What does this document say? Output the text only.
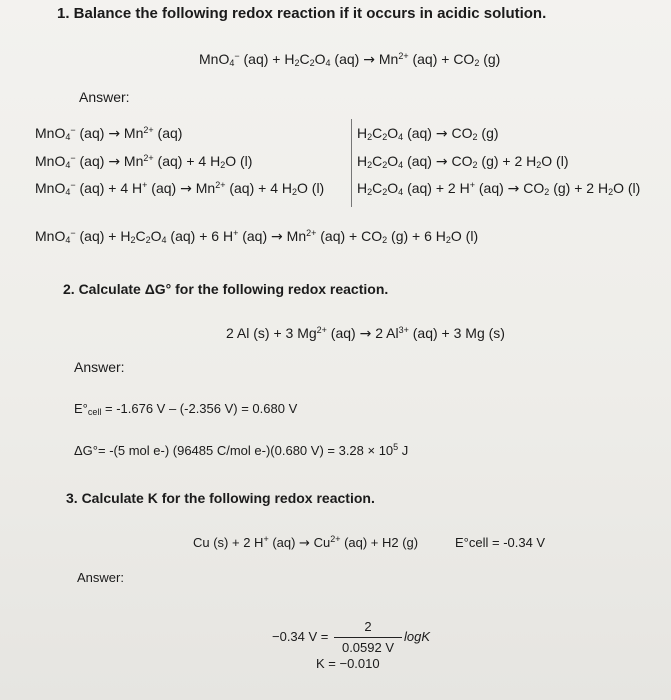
1. Balance the following redox reaction if it occurs in acidic solution.
MnO$_4$− $(aq) + H_2C_2O_4$ $(aq) \to Mn^{2+}$ $(aq) + CO_2$ (g)
Answer:
MnO$_4$− $(aq) \to Mn^{2+}$ (aq)
MnO$_4$− $(aq) \to Mn^{2+}$ (aq) + 4 $H_2O$ (l)
MnO$_4$− (aq) + 4 H+ $(aq) \to Mn^{2+}$ (aq) + 4 $H_2O$ (l)
$H_2C_2O_4$ $(aq) \to CO_2$ (g)
$H_2C_2O_4$ $(aq) \to CO_2$ (g) + 2 $H_2O$ (l)
$H_2C_2O_4$ (aq) + 2 H+ $(aq) \to CO_2$ (g) + 2 $H_2O$ (l)
MnO$_4$− $(aq) + H_2C_2O_4$ (aq) + 6 H+ $(aq) \to Mn^{2+}$ $(aq) + CO_2$ (g) + 6 $H_2O$ (l)
2. Calculate ΔG° for the following redox reaction.
2 Al (s) + 3 $Mg^{2+}$ (aq) → 2 $Al^{3+}$ (aq) + 3 Mg (s)
Answer:
$E^\circ_{cell} = -1.676$ V – (-2.356 V) = 0.680 V
ΔG°= -(5 mol e-) (96485 C/mol e-)(0.680 $V) = 3.28 \times 10^5$ J
3. Calculate K for the following redox reaction.
Cu (s) + 2 H+ $(aq) \to Cu^{2+}$ (aq) + H2 (g)	E°cell = -0.34 V
Answer:
−0.34 V =
2
0.0592 V
logK
K = −0.010
